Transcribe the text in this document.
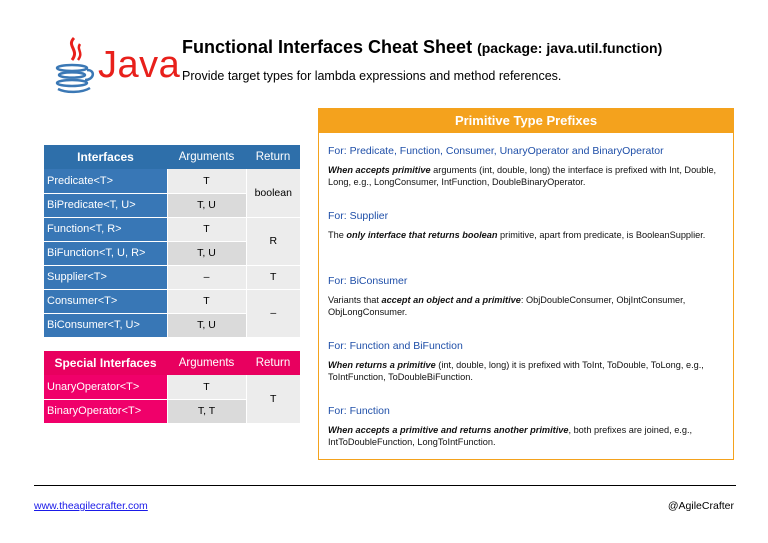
Java Functional Interfaces Cheat Sheet (package: java.util.function)
Provide target types for lambda expressions and method references.
Interfaces	Arguments	Return
Predicate<T>	T	boolean
BiPredicate<T, U>	T, U	
Function<T, R>	T	R
BiFunction<T, U, R>	T, U	
Supplier<T>	–	T
Consumer<T>	T	–
BiConsumer<T, U>	T, U	
Special Interfaces	Arguments	Return
UnaryOperator<T>	T	T
BinaryOperator<T>	T, T	
Primitive Type Prefixes
For: Predicate, Function, Consumer, UnaryOperator and BinaryOperator
When accepts primitive arguments (int, double, long) the interface is prefixed with Int, Double, Long, e.g., LongConsumer, IntFunction, DoubleBinaryOperator.
For: Supplier
The only interface that returns boolean primitive, apart from predicate, is BooleanSupplier.
For: BiConsumer
Variants that accept an object and a primitive: ObjDoubleConsumer, ObjIntConsumer, ObjLongConsumer.
For: Function and BiFunction
When returns a primitive (int, double, long) it is prefixed with ToInt, ToDouble, ToLong, e.g., ToIntFunction, ToDoubleBiFunction.
For: Function
When accepts a primitive and returns another primitive, both prefixes are joined, e.g., IntToDoubleFunction, LongToIntFunction.
www.theagilecrafter.com	@AgileCrafter
